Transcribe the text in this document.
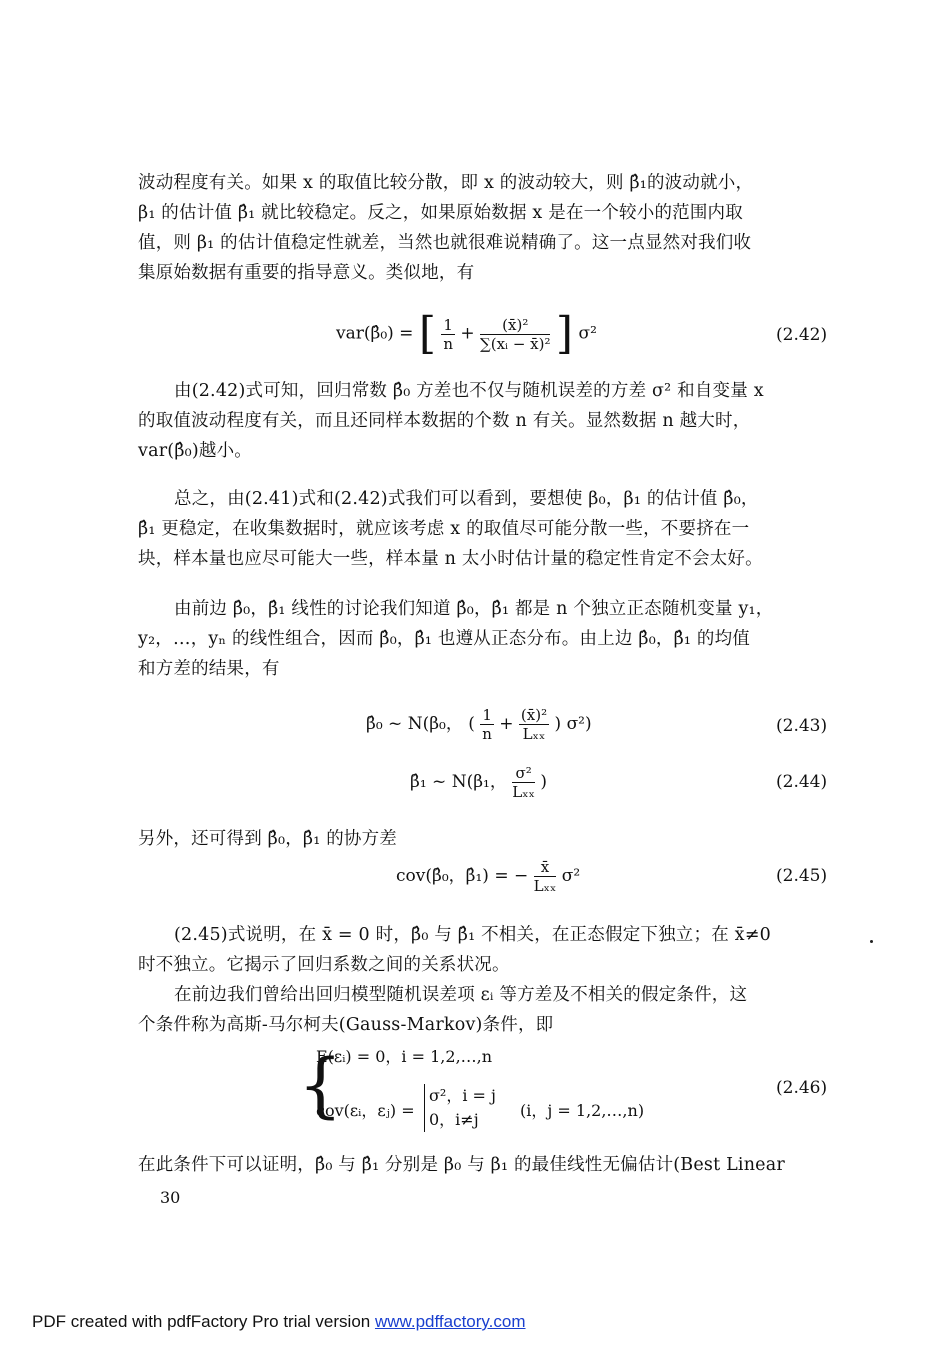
波动程度有关。如果 x 的取值比较分散，即 x 的波动较大，则 β̂₁的波动就小，
β₁ 的估计值 β̂₁ 就比较稳定。反之，如果原始数据 x 是在一个较小的范围内取
值，则 β₁ 的估计值稳定性就差，当然也就很难说精确了。这一点显然对我们收
集原始数据有重要的指导意义。类似地，有

var(β̂₀) = [ $\frac{1}{n} + \frac{\text{(x̄)²}}{\text{∑(xᵢ − x̄)²}}$ ] σ²	(2.42)

由(2.42)式可知，回归常数 β̂₀ 方差也不仅与随机误差的方差 σ² 和自变量 x
的取值波动程度有关，而且还同样本数据的个数 n 有关。显然数据 n 越大时，
var(β̂₀)越小。

总之，由(2.41)式和(2.42)式我们可以看到，要想使 β₀，β₁ 的估计值 β̂₀，
β̂₁ 更稳定，在收集数据时，就应该考虑 x 的取值尽可能分散一些，不要挤在一
块，样本量也应尽可能大一些，样本量 n 太小时估计量的稳定性肯定不会太好。

由前边 β̂₀，β̂₁ 线性的讨论我们知道 β̂₀，β̂₁ 都是 n 个独立正态随机变量 y₁，
y₂，…，yₙ 的线性组合，因而 β̂₀，β̂₁ 也遵从正态分布。由上边 β̂₀，β̂₁ 的均值
和方差的结果，有

β̂₀ ~ N(β₀， ( $\frac{1}{n} + \frac{\text{(x̄)²}}{\text{Lₓₓ}}$ ) σ²)	(2.43)
β̂₁ ~ N(β₁， $\frac{\text{σ²}}{\text{Lₓₓ}}$ )	(2.44)

另外，还可得到 β̂₀，β̂₁ 的协方差

cov(β̂₀，β̂₁) = − $\frac{x̄}{\text{Lₓₓ}} \sigma^2$	(2.45)

(2.45)式说明，在 x̄ = 0 时，β̂₀ 与 β̂₁ 不相关，在正态假定下独立；在 x̄≠0
时不独立。它揭示了回归系数之间的关系状况。

在前边我们曾给出回归模型随机误差项 εᵢ 等方差及不相关的假定条件，这
个条件称为高斯-马尔柯夫(Gauss-Markov)条件，即

{
E(εᵢ) = 0，i = 1,2,…,n
cov(εᵢ，εⱼ) =
σ²，i = j
0，i≠j	(i，j = 1,2,…,n)
(2.46)

在此条件下可以证明，β̂₀ 与 β̂₁ 分别是 β₀ 与 β₁ 的最佳线性无偏估计(Best Linear

30
PDF created with pdfFactory Pro trial version www.pdffactory.com
